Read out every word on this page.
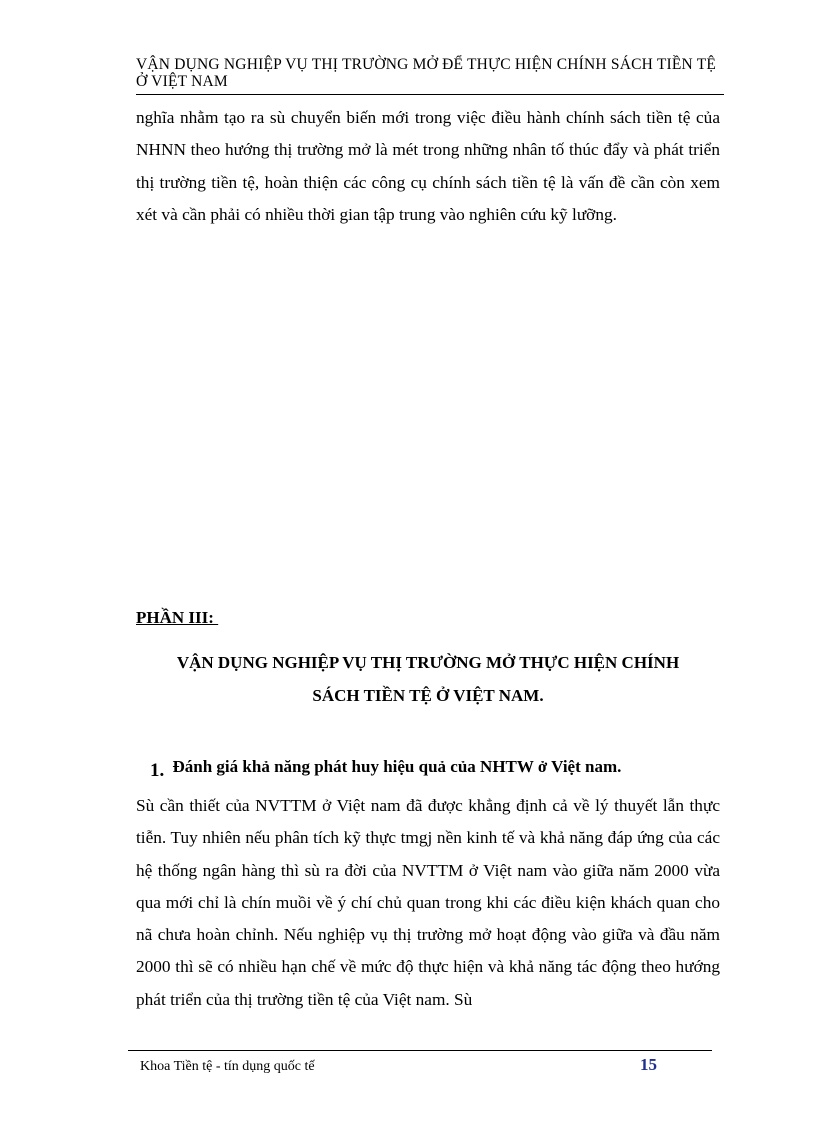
VẬN DỤNG NGHIỆP VỤ THỊ TRƯỜNG MỞ ĐỂ THỰC HIỆN CHÍNH SÁCH TIỀN TỆ Ở VIỆT NAM
nghĩa nhằm tạo ra sù chuyển biến mới trong việc điều hành chính sách tiền tệ của NHNN theo hướng thị trường mở là mét trong những nhân tố thúc đẩy và phát triển thị trường tiền tệ, hoàn thiện các công cụ chính sách tiền tệ là vấn đề cần còn xem xét và cần phải có nhiều thời gian tập trung vào nghiên cứu kỹ lưỡng.
PHẦN III:
VẬN DỤNG NGHIỆP VỤ THỊ TRƯỜNG MỞ THỰC HIỆN CHÍNH
SÁCH TIỀN TỆ Ở VIỆT NAM.
1. Đánh giá khả năng phát huy hiệu quả của NHTW ở Việt nam.
Sù cần thiết của NVTTM ở Việt nam đã được khẳng định cả về lý thuyết lẫn thực tiễn. Tuy nhiên nếu phân tích kỹ thực tmgj nền kinh tế và khả năng đáp ứng của các hệ thống ngân hàng thì sù ra đời của NVTTM ở Việt nam vào giữa năm 2000 vừa qua mới chỉ là chín muồi về ý chí chủ quan trong khi các điều kiện khách quan cho nã chưa hoàn chỉnh. Nếu nghiệp vụ thị trường mở hoạt động vào giữa và đầu năm 2000 thì sẽ có nhiều hạn chế về mức độ thực hiện và khả năng tác động theo hướng phát triển của thị trường tiền tệ của Việt nam. Sù
Khoa Tiền tệ - tín dụng quốc tế	15
